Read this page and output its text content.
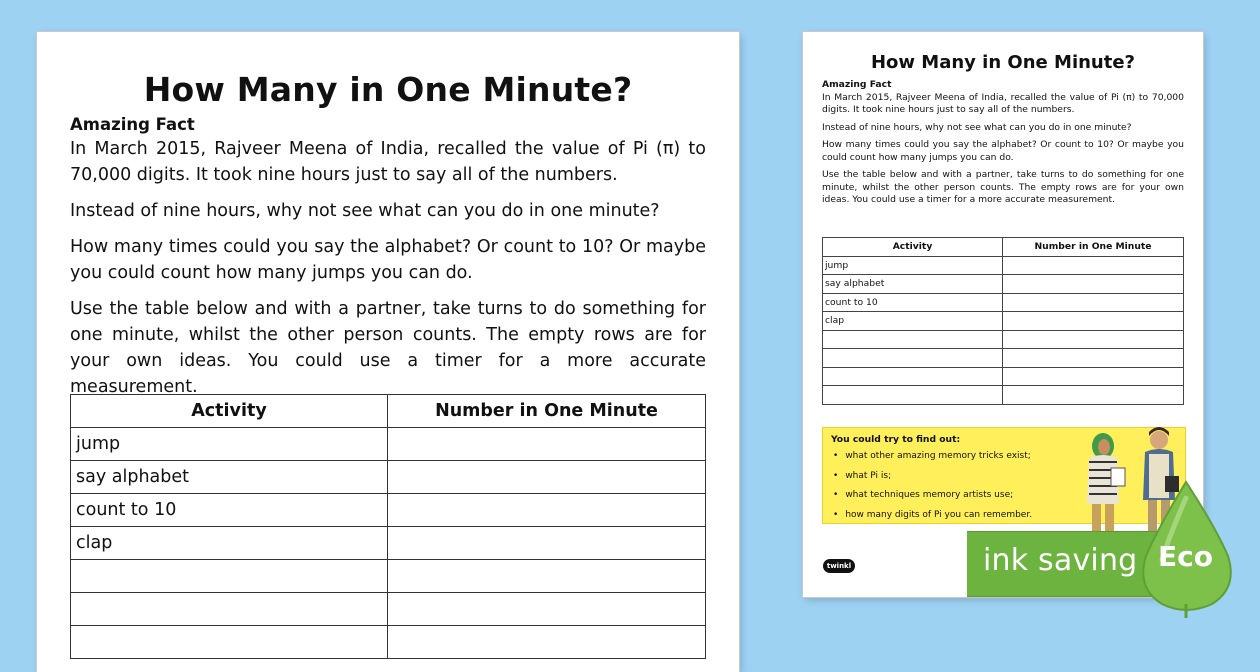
How Many in One Minute?

Amazing Fact

In March 2015, Rajveer Meena of India, recalled the value of Pi (π) to 70,000 digits. It took nine hours just to say all of the numbers.

Instead of nine hours, why not see what can you do in one minute?

How many times could you say the alphabet? Or count to 10? Or maybe you could count how many jumps you can do.

Use the table below and with a partner, take turns to do something for one minute, whilst the other person counts. The empty rows are for your own ideas. You could use a timer for a more accurate measurement.

Activity	Number in One Minute
jump	
say alphabet	
count to 10	
clap	

How Many in One Minute?

Amazing Fact

In March 2015, Rajveer Meena of India, recalled the value of Pi (π) to 70,000 digits. It took nine hours just to say all of the numbers.

Instead of nine hours, why not see what can you do in one minute?

How many times could you say the alphabet? Or count to 10? Or maybe you could count how many jumps you can do.

Use the table below and with a partner, take turns to do something for one minute, whilst the other person counts. The empty rows are for your own ideas. You could use a timer for a more accurate measurement.

Activity	Number in One Minute
jump	
say alphabet	
count to 10	
clap	

You could try to find out:
• what other amazing memory tricks exist;
• what Pi is;
• what techniques memory artists use;
• how many digits of Pi you can remember.
twinkl	ink saving Eco
